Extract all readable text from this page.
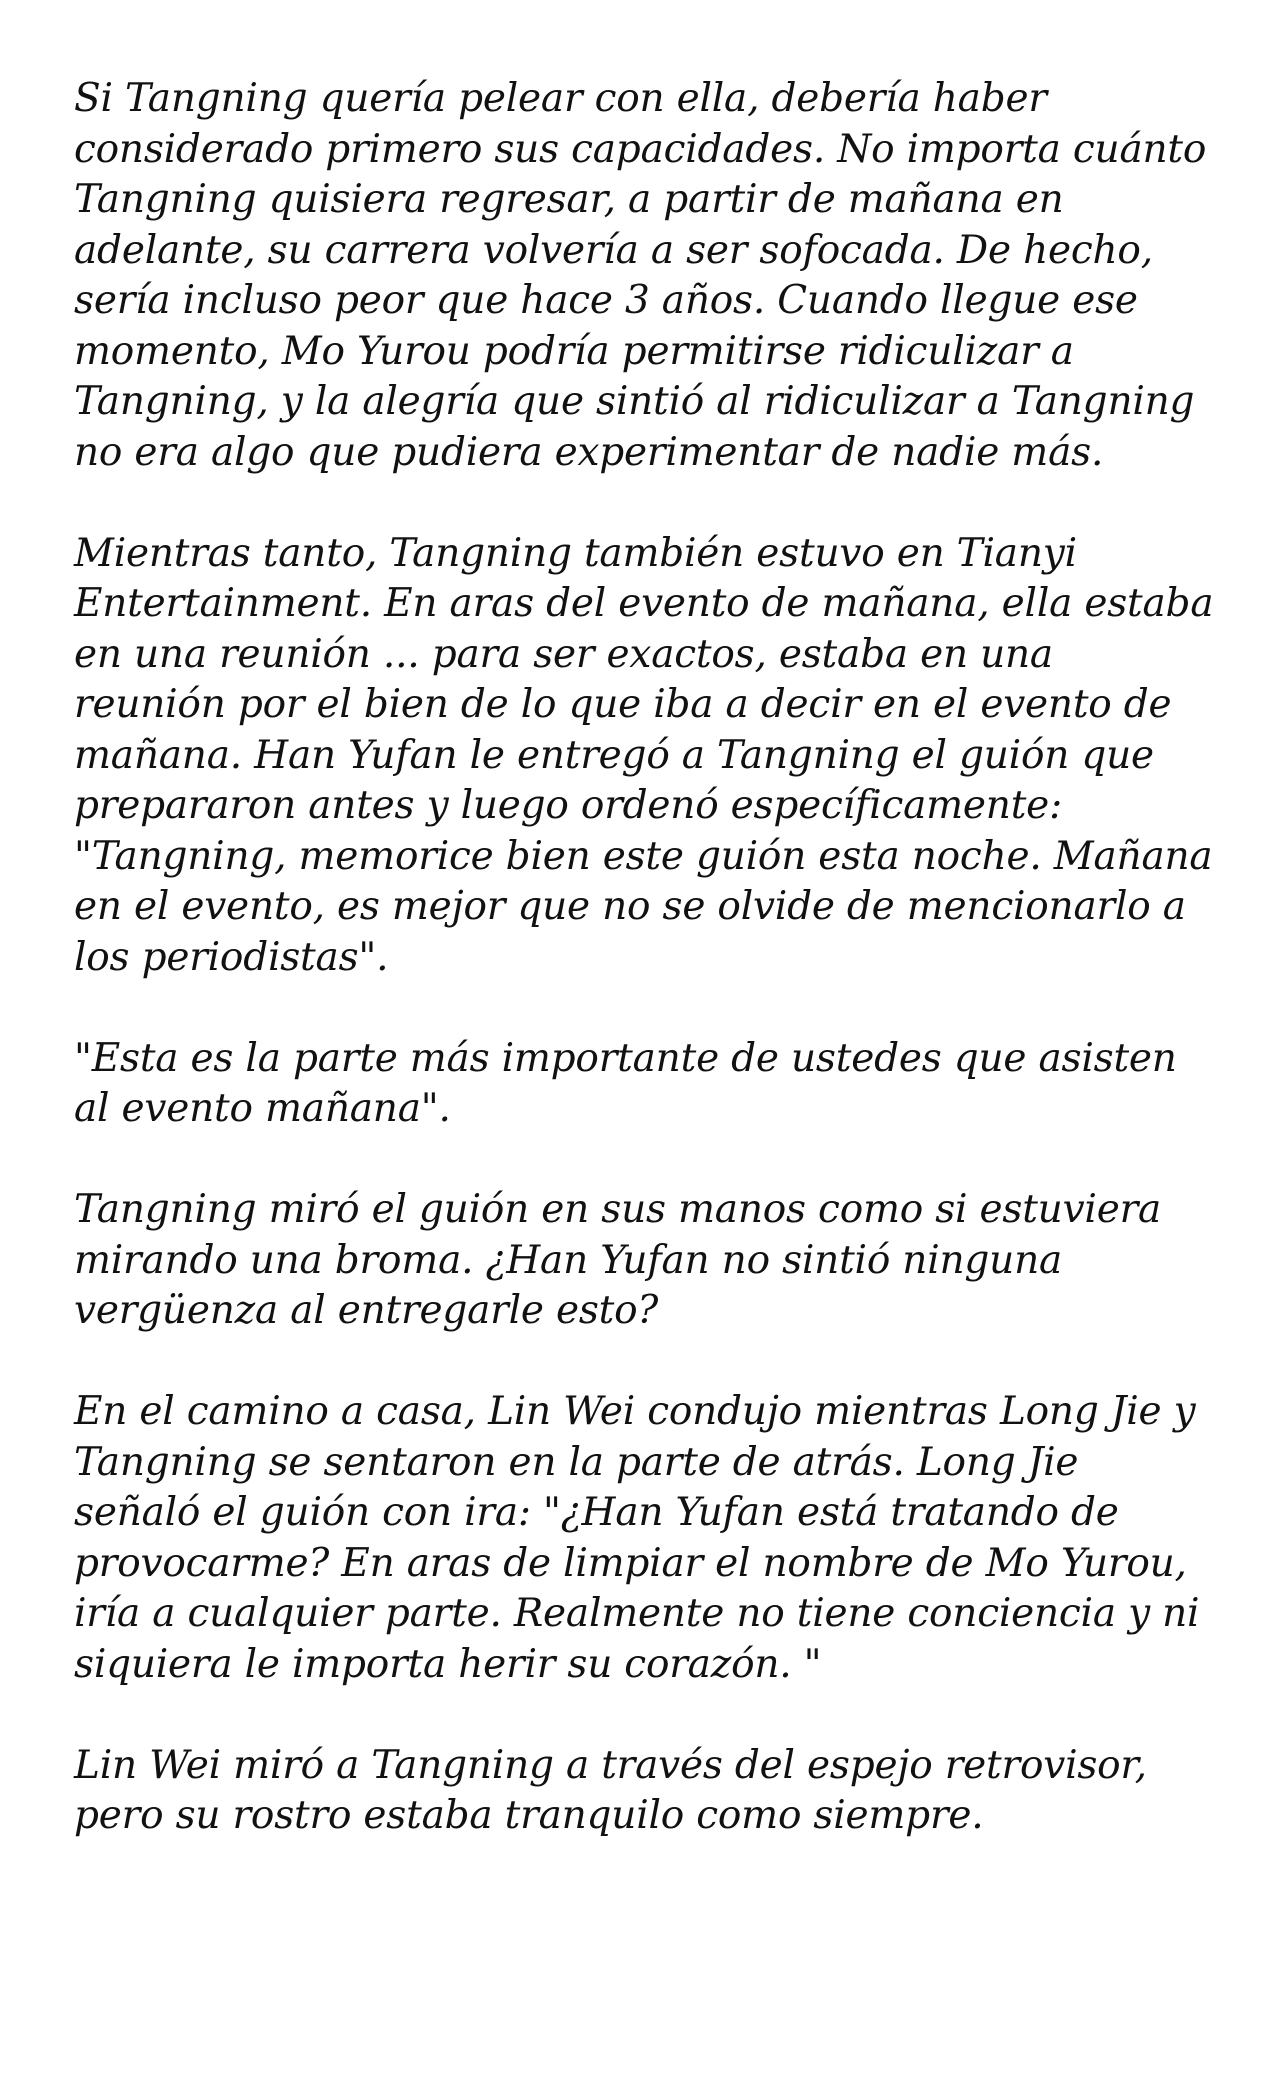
Si Tangning quería pelear con ella, debería haber considerado primero sus capacidades. No importa cuánto Tangning quisiera regresar, a partir de mañana en adelante, su carrera volvería a ser sofocada. De hecho, sería incluso peor que hace 3 años. Cuando llegue ese momento, Mo Yurou podría permitirse ridiculizar a Tangning, y la alegría que sintió al ridiculizar a Tangning no era algo que pudiera experimentar de nadie más.

Mientras tanto, Tangning también estuvo en Tianyi Entertainment. En aras del evento de mañana, ella estaba en una reunión ... para ser exactos, estaba en una reunión por el bien de lo que iba a decir en el evento de mañana. Han Yufan le entregó a Tangning el guión que prepararon antes y luego ordenó específicamente: "Tangning, memorice bien este guión esta noche. Mañana en el evento, es mejor que no se olvide de mencionarlo a los periodistas".

"Esta es la parte más importante de ustedes que asisten al evento mañana".

Tangning miró el guión en sus manos como si estuviera mirando una broma. ¿Han Yufan no sintió ninguna vergüenza al entregarle esto?

En el camino a casa, Lin Wei condujo mientras Long Jie y Tangning se sentaron en la parte de atrás. Long Jie señaló el guión con ira: "¿Han Yufan está tratando de provocarme? En aras de limpiar el nombre de Mo Yurou, iría a cualquier parte. Realmente no tiene conciencia y ni siquiera le importa herir su corazón. "

Lin Wei miró a Tangning a través del espejo retrovisor, pero su rostro estaba tranquilo como siempre.
